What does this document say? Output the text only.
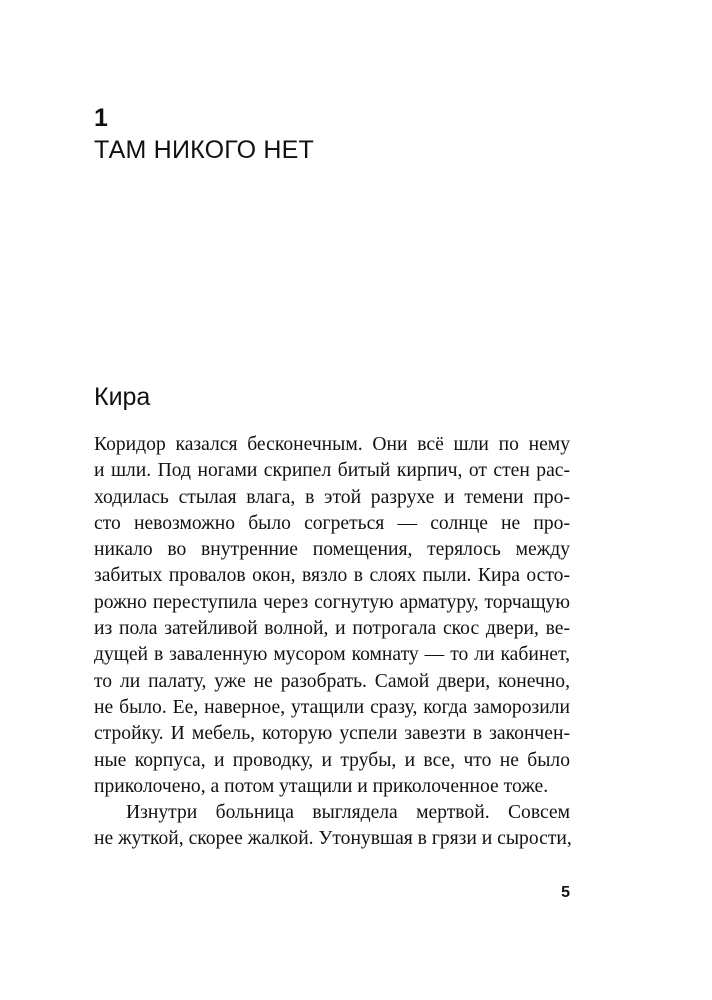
1
ТАМ НИКОГО НЕТ
Кира
Коридор казался бесконечным. Они всё шли по нему
и шли. Под ногами скрипел битый кирпич, от стен рас-
ходилась стылая влага, в этой разрухе и темени про-
сто невозможно было согреться — солнце не про-
никало во внутренние помещения, терялось между
забитых провалов окон, вязло в слоях пыли. Кира осто-
рожно переступила через согнутую арматуру, торчащую
из пола затейливой волной, и потрогала скос двери, ве-
дущей в заваленную мусором комнату — то ли кабинет,
то ли палату, уже не разобрать. Самой двери, конечно,
не было. Ее, наверное, утащили сразу, когда заморозили
стройку. И мебель, которую успели завезти в закончен-
ные корпуса, и проводку, и трубы, и все, что не было
приколочено, а потом утащили и приколоченное тоже.
Изнутри больница выглядела мертвой. Совсем
не жуткой, скорее жалкой. Утонувшая в грязи и сырости,
5
